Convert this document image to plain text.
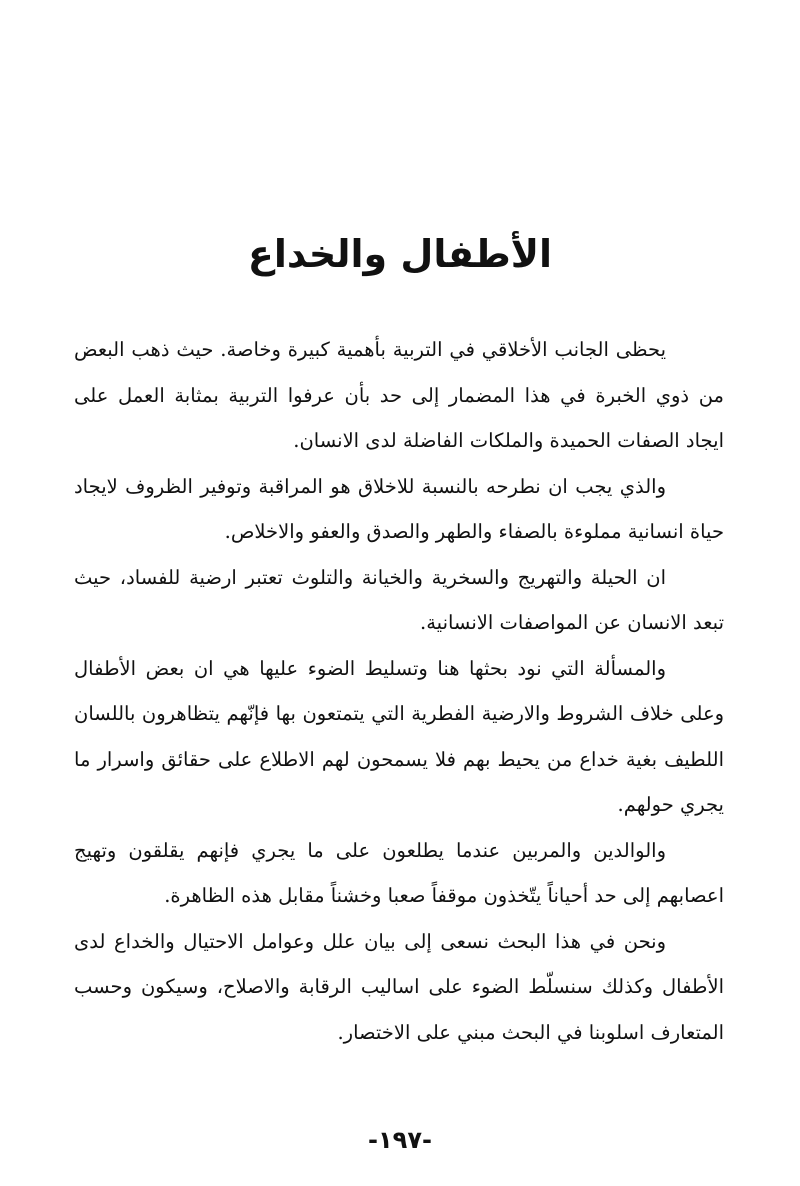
الأطفال والخداع

يحظى الجانب الأخلاقي في التربية بأهمية كبيرة وخاصة. حيث ذهب البعض من ذوي الخبرة في هذا المضمار إلى حد بأن عرفوا التربية بمثابة العمل على ايجاد الصفات الحميدة والملكات الفاضلة لدى الانسان.

والذي يجب ان نطرحه بالنسبة للاخلاق هو المراقبة وتوفير الظروف لايجاد حياة انسانية مملوءة بالصفاء والطهر والصدق والعفو والاخلاص.

ان الحيلة والتهريج والسخرية والخيانة والتلوث تعتبر ارضية للفساد، حيث تبعد الانسان عن المواصفات الانسانية.

والمسألة التي نود بحثها هنا وتسليط الضوء عليها هي ان بعض الأطفال وعلى خلاف الشروط والارضية الفطرية التي يتمتعون بها فإنّهم يتظاهرون باللسان اللطيف بغية خداع من يحيط بهم فلا يسمحون لهم الاطلاع على حقائق واسرار ما يجري حولهم.

والوالدين والمربين عندما يطلعون على ما يجري فإنهم يقلقون وتهيج اعصابهم إلى حد أحياناً يتّخذون موقفاً صعبا وخشناً مقابل هذه الظاهرة.

ونحن في هذا البحث نسعى إلى بيان علل وعوامل الاحتيال والخداع لدى الأطفال وكذلك سنسلّط الضوء على اساليب الرقابة والاصلاح، وسيكون وحسب المتعارف اسلوبنا في البحث مبني على الاختصار.

-١٩٧-
